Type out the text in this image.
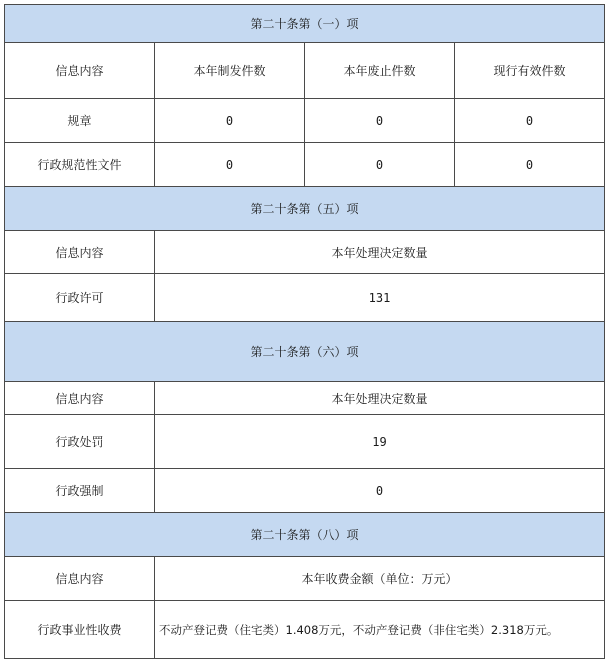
第二十条第（一）项			
信息内容	本年制发件数	本年废止件数	现行有效件数
规章	0	0	0
行政规范性文件	0	0	0
第二十条第（五）项			
信息内容	本年处理决定数量		
行政许可	131		
第二十条第（六）项			
信息内容	本年处理决定数量		
行政处罚	19		
行政强制	0		
第二十条第（八）项			
信息内容	本年收费金额（单位：万元）		
行政事业性收费	不动产登记费（住宅类）1.408万元，不动产登记费（非住宅类）2.318万元。		
